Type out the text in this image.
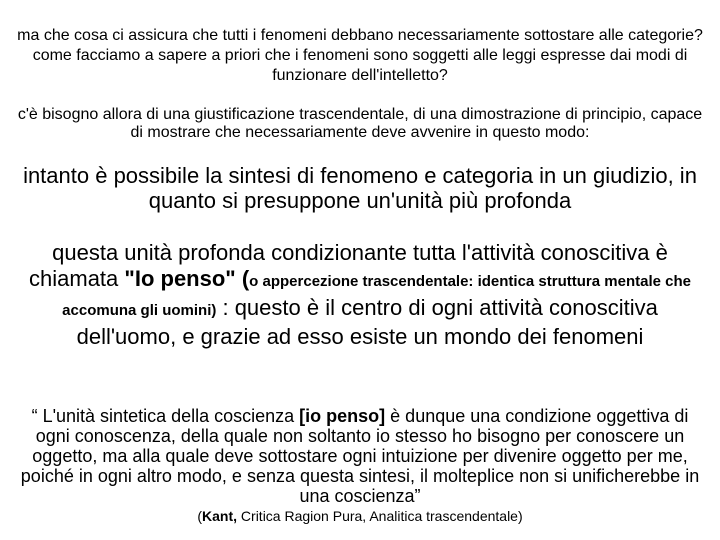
ma che cosa ci assicura che tutti i fenomeni debbano necessariamente sottostare alle categorie? come facciamo a sapere a priori che i fenomeni sono soggetti alle leggi espresse dai modi di funzionare dell'intelletto?

c'è bisogno allora di una giustificazione trascendentale, di una dimostrazione di principio, capace di mostrare che necessariamente deve avvenire in questo modo:

intanto è possibile la sintesi di fenomeno e categoria in un giudizio, in quanto si presuppone un'unità più profonda

questa unità profonda condizionante tutta l'attività conoscitiva è chiamata "Io penso" (o appercezione trascendentale: identica struttura mentale che accomuna gli uomini) : questo è il centro di ogni attività conoscitiva dell'uomo, e grazie ad esso esiste un mondo dei fenomeni

“ L'unità sintetica della coscienza [io penso] è dunque una condizione oggettiva di ogni conoscenza, della quale non soltanto io stesso ho bisogno per conoscere un oggetto, ma alla quale deve sottostare ogni intuizione per divenire oggetto per me, poiché in ogni altro modo, e senza questa sintesi, il molteplice non si unificherebbe in una coscienza”

(Kant, Critica Ragion Pura, Analitica trascendentale)
